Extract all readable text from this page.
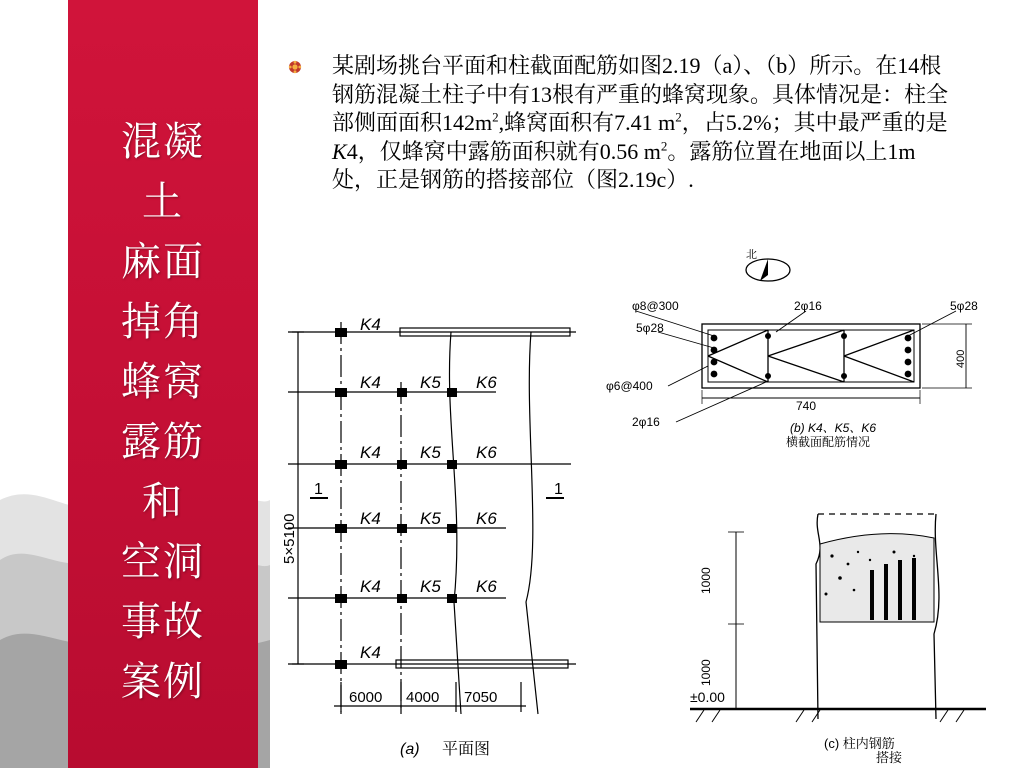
混凝
土
麻面
掉角
蜂窝
露筋
和
空洞
事故
案例

某剧场挑台平面和柱截面配筋如图2.19（a）、（b）所示。在14根钢筋混凝土柱子中有13根有严重的蜂窝现象。具体情况是：柱全部侧面面积$142m^2$,蜂窝面积有7.41 $m^2$，占5.2%；其中最严重的是K4，仅蜂窝中露筋面积就有0.56 $m^2$。露筋位置在地面以上1m处，正是钢筋的搭接部位（图2.19c）.

K4
K4 K5 K6
K4 K5 K6
K4 K5 K6
K4 K5 K6
K4
1	1
5×5100
6000 4000 7050
(a) 平面图
北
φ8@300
5φ28
2φ16	5φ28
φ6@400
2φ16
400
740
(b) K4、K5、K6
横截面配筋情况
1000
1000
±0.00
(c) 柱内钢筋
搭接
